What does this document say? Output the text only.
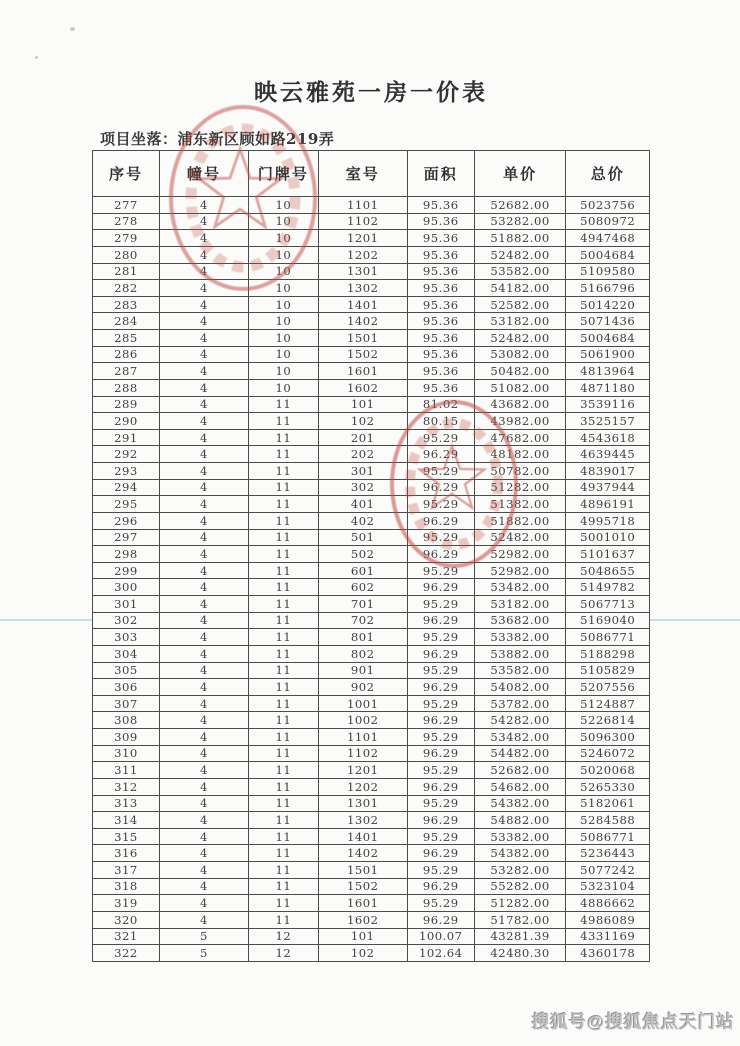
映云雅苑一房一价表
项目坐落：浦东新区顾如路219弄
序号	幢号	门牌号	室号	面积	单价	总价
277	4	10	1101	95.36	52682.00	5023756
278	4	10	1102	95.36	53282.00	5080972
279	4	10	1201	95.36	51882.00	4947468
280	4	10	1202	95.36	52482.00	5004684
281	4	10	1301	95.36	53582.00	5109580
282	4	10	1302	95.36	54182.00	5166796
283	4	10	1401	95.36	52582.00	5014220
284	4	10	1402	95.36	53182.00	5071436
285	4	10	1501	95.36	52482.00	5004684
286	4	10	1502	95.36	53082.00	5061900
287	4	10	1601	95.36	50482.00	4813964
288	4	10	1602	95.36	51082.00	4871180
289	4	11	101	81.02	43682.00	3539116
290	4	11	102	80.15	43982.00	3525157
291	4	11	201	95.29	47682.00	4543618
292	4	11	202	96.29	48182.00	4639445
293	4	11	301	95.29	50782.00	4839017
294	4	11	302	96.29	51282.00	4937944
295	4	11	401	95.29	51382.00	4896191
296	4	11	402	96.29	51882.00	4995718
297	4	11	501	95.29	52482.00	5001010
298	4	11	502	96.29	52982.00	5101637
299	4	11	601	95.29	52982.00	5048655
300	4	11	602	96.29	53482.00	5149782
301	4	11	701	95.29	53182.00	5067713
302	4	11	702	96.29	53682.00	5169040
303	4	11	801	95.29	53382.00	5086771
304	4	11	802	96.29	53882.00	5188298
305	4	11	901	95.29	53582.00	5105829
306	4	11	902	96.29	54082.00	5207556
307	4	11	1001	95.29	53782.00	5124887
308	4	11	1002	96.29	54282.00	5226814
309	4	11	1101	95.29	53482.00	5096300
310	4	11	1102	96.29	54482.00	5246072
311	4	11	1201	95.29	52682.00	5020068
312	4	11	1202	96.29	54682.00	5265330
313	4	11	1301	95.29	54382.00	5182061
314	4	11	1302	96.29	54882.00	5284588
315	4	11	1401	95.29	53382.00	5086771
316	4	11	1402	96.29	54382.00	5236443
317	4	11	1501	95.29	53282.00	5077242
318	4	11	1502	96.29	55282.00	5323104
319	4	11	1601	95.29	51282.00	4886662
320	4	11	1602	96.29	51782.00	4986089
321	5	12	101	100.07	43281.39	4331169
322	5	12	102	102.64	42480.30	4360178
搜狐号@搜狐焦点天门站
